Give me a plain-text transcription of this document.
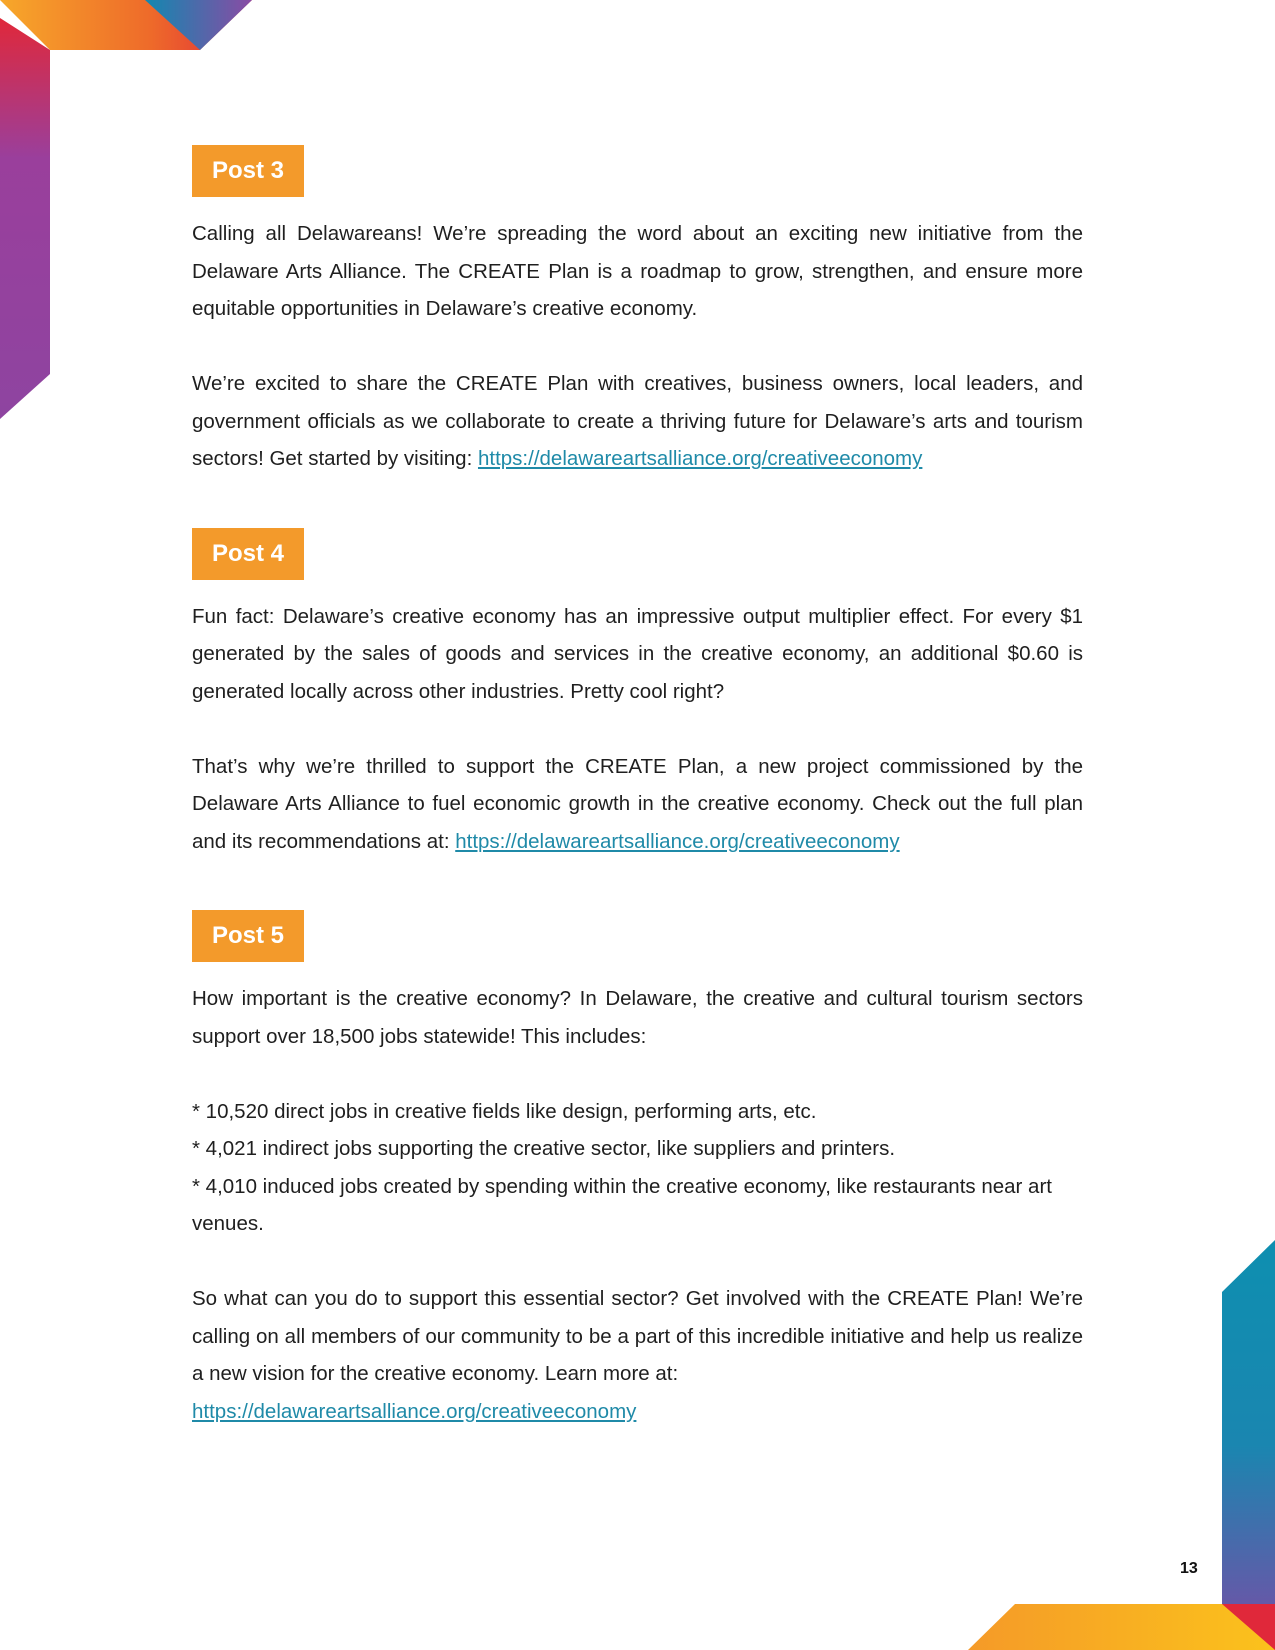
Post 3

Calling all Delawareans! We’re spreading the word about an exciting new initiative from the Delaware Arts Alliance. The CREATE Plan is a roadmap to grow, strengthen, and ensure more equitable opportunities in Delaware’s creative economy.

We’re excited to share the CREATE Plan with creatives, business owners, local leaders, and government officials as we collaborate to create a thriving future for Delaware’s arts and tourism sectors! Get started by visiting: https://delawareartsalliance.org/creativeeconomy

Post 4

Fun fact: Delaware’s creative economy has an impressive output multiplier effect. For every $1 generated by the sales of goods and services in the creative economy, an additional $0.60 is generated locally across other industries. Pretty cool right?

That’s why we’re thrilled to support the CREATE Plan, a new project commissioned by the Delaware Arts Alliance to fuel economic growth in the creative economy. Check out the full plan and its recommendations at: https://delawareartsalliance.org/creativeeconomy

Post 5

How important is the creative economy? In Delaware, the creative and cultural tourism sectors support over 18,500 jobs statewide! This includes:

* 10,520 direct jobs in creative fields like design, performing arts, etc.

* 4,021 indirect jobs supporting the creative sector, like suppliers and printers.

* 4,010 induced jobs created by spending within the creative economy, like restaurants near art venues.

So what can you do to support this essential sector? Get involved with the CREATE Plan! We’re calling on all members of our community to be a part of this incredible initiative and help us realize a new vision for the creative economy. Learn more at:

https://delawareartsalliance.org/creativeeconomy

13
